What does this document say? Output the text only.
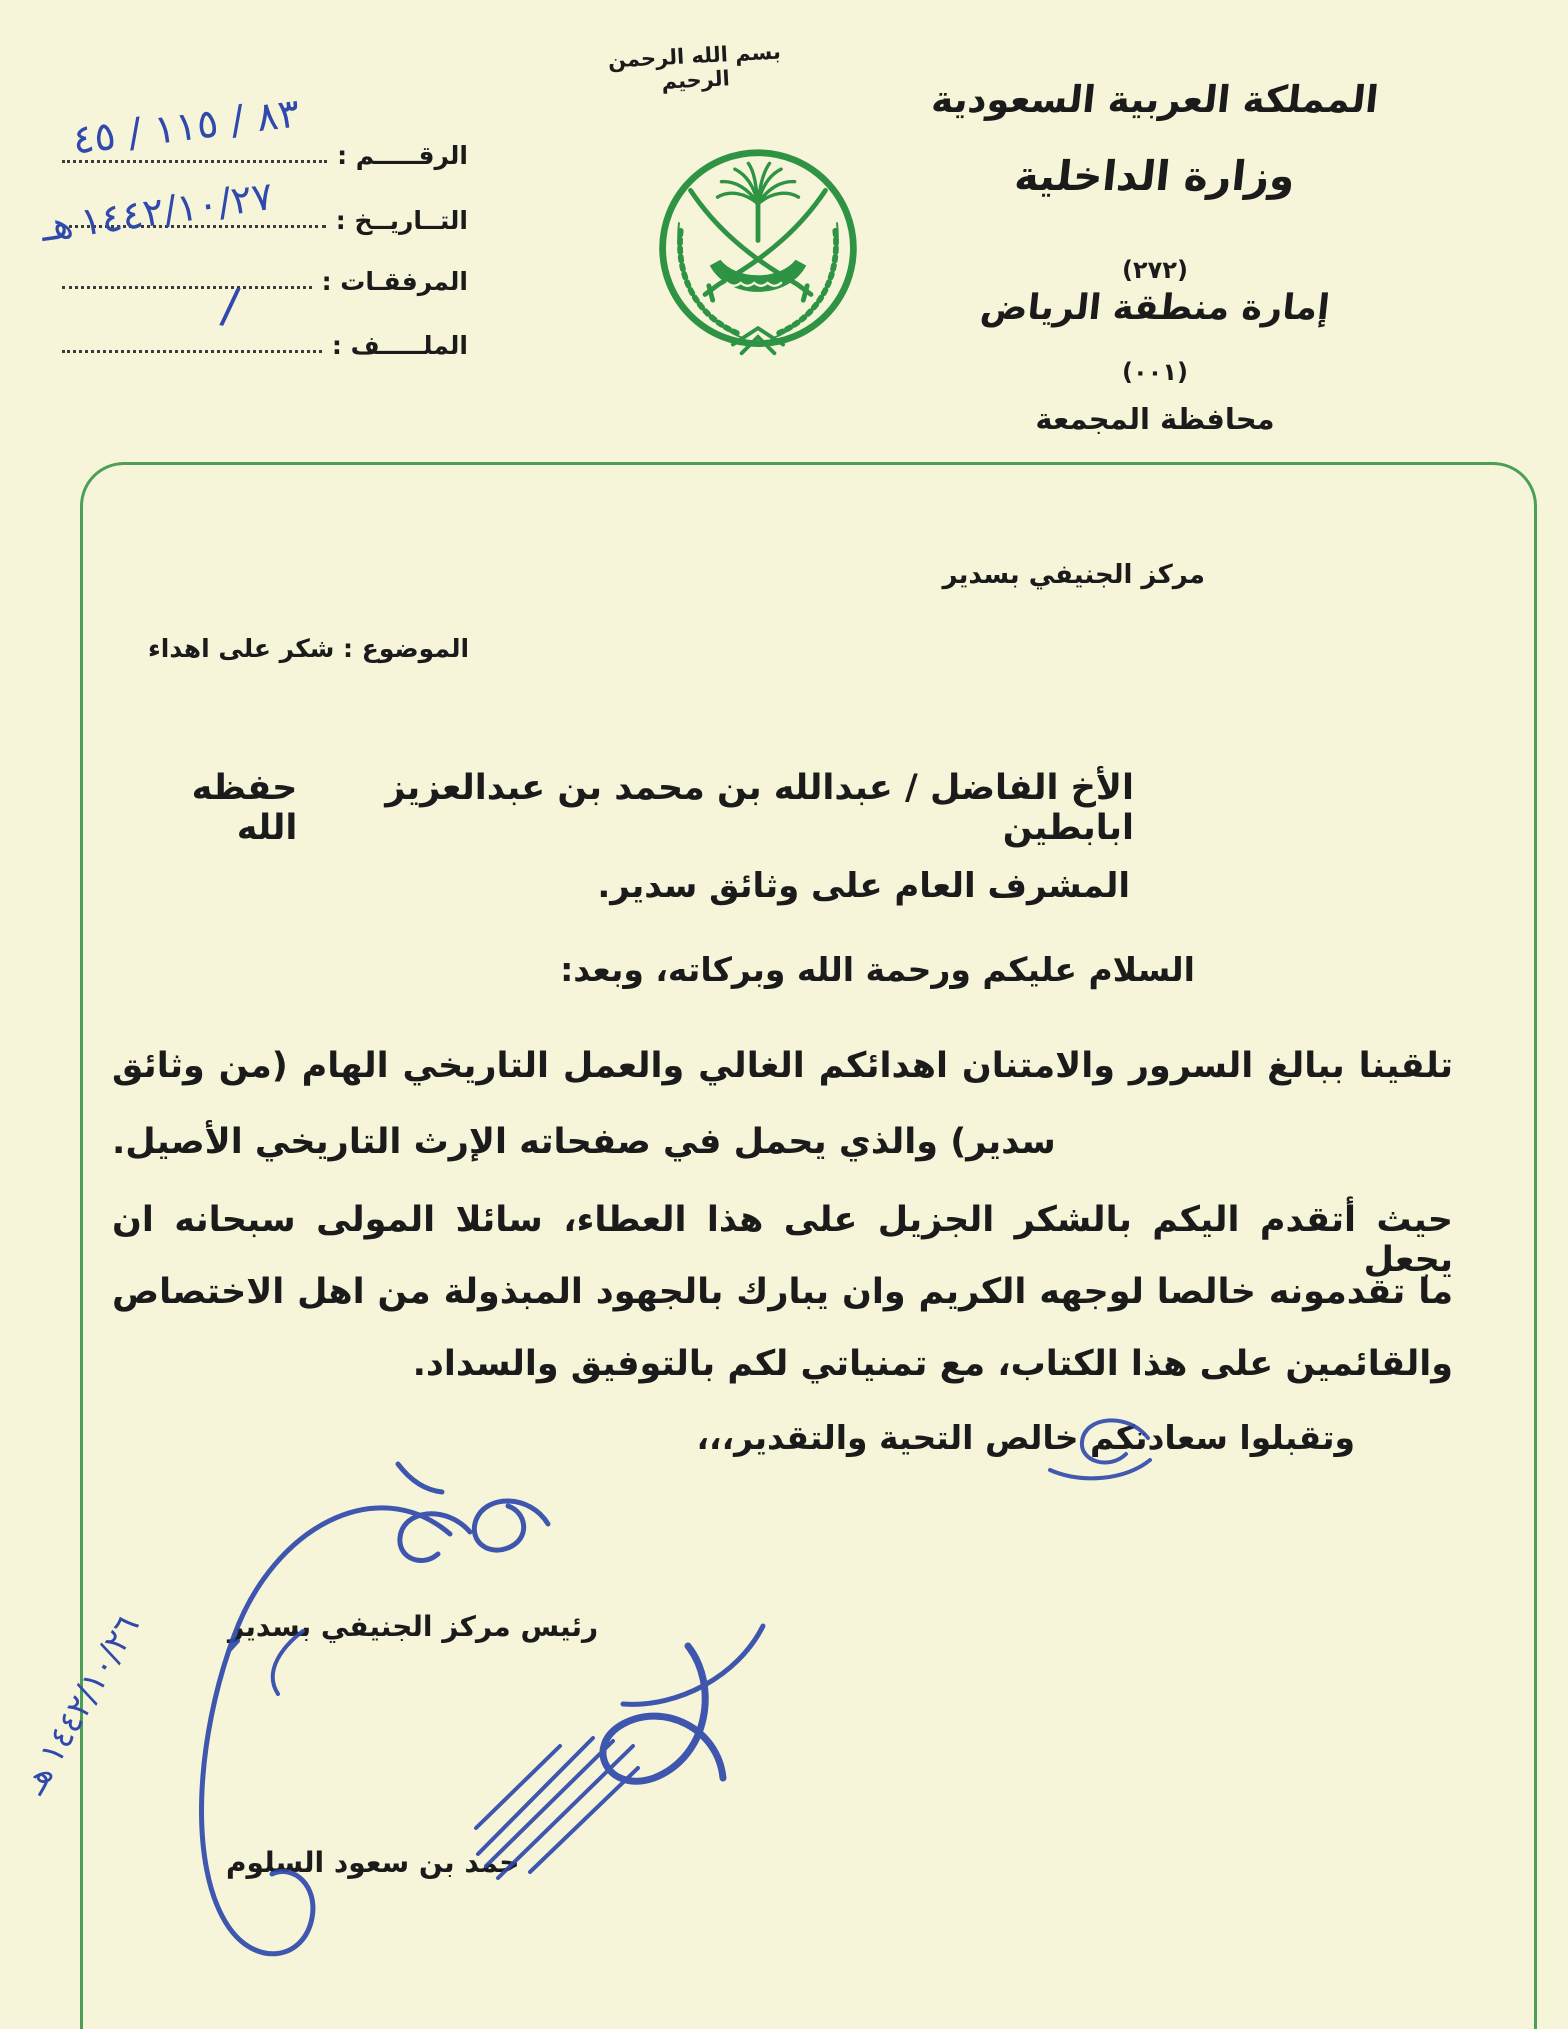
بسم الله الرحمن الرحيم	المملكة العربية السعودية
وزارة الداخلية
(٢٧٢)
إمارة منطقة الرياض
(٠٠١)
محافظة المجمعة
الرقـــــم :
التــاريــخ :
المرفقـات :
الملـــــف :
٨٣ / ١١٥ / ٤٥
هـ ١٤٤٢/١٠/٢٧
/
مركز الجنيفي بسدير
الموضوع : شكر على اهداء
الأخ الفاضل / عبدالله بن محمد بن عبدالعزيز ابابطين
حفظه الله
المشرف العام على وثائق سدير.
السلام عليكم ورحمة الله وبركاته، وبعد:
تلقينا ببالغ السرور والامتنان اهدائكم الغالي والعمل التاريخي الهام (من وثائق
سدير) والذي يحمل في صفحاته الإرث التاريخي الأصيل.
حيث أتقدم اليكم بالشكر الجزيل على هذا العطاء، سائلا المولى سبحانه ان يجعل
ما تقدمونه خالصا لوجهه الكريم وان يبارك بالجهود المبذولة من اهل الاختصاص
والقائمين على هذا الكتاب، مع تمنياتي لكم بالتوفيق والسداد.
وتقبلوا سعادتكم خالص التحية والتقدير،،،
رئيس مركز الجنيفي بسدير
حمد بن سعود السلوم
هـ
١٤٤٢/١٠/٢٦
